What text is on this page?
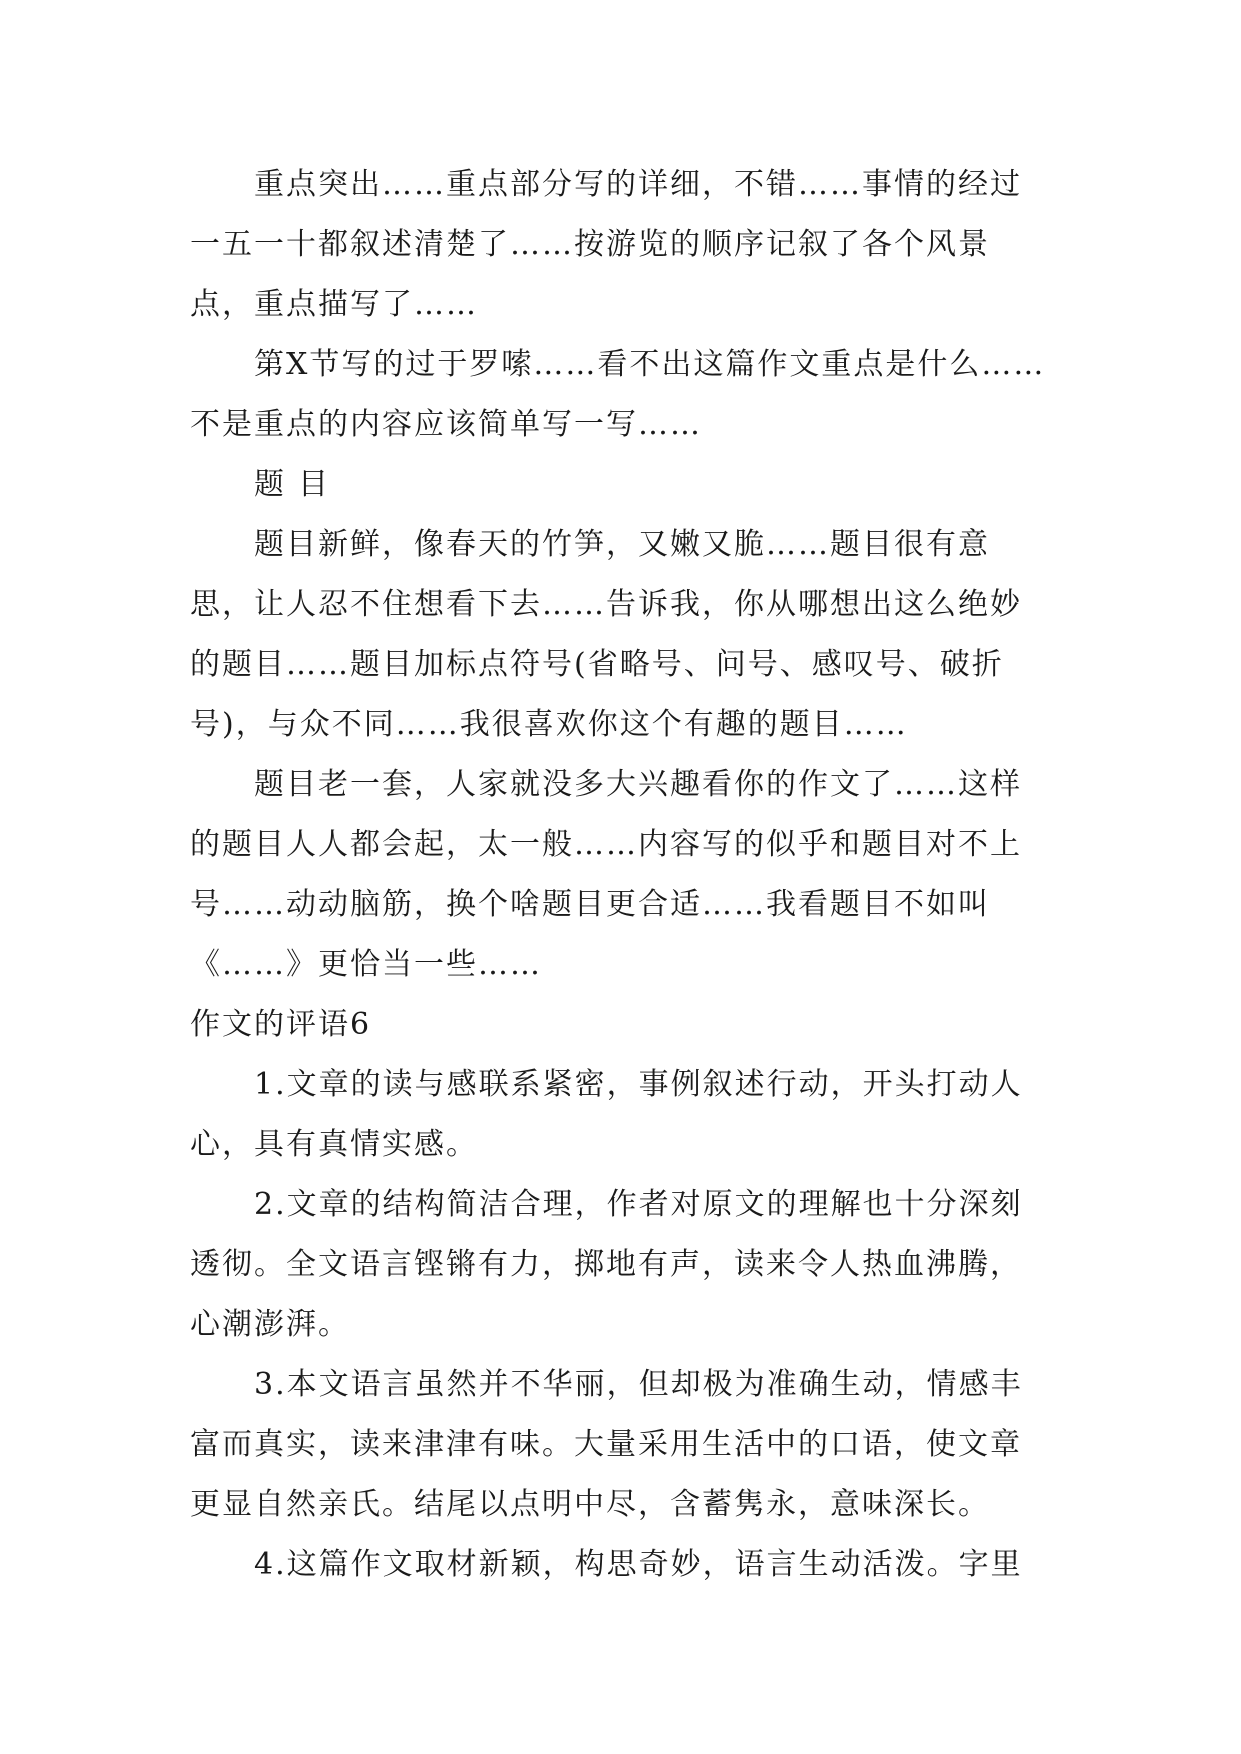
重点突出……重点部分写的详细，不错……事情的经过一五一十都叙述清楚了……按游览的顺序记叙了各个风景点，重点描写了……

第X节写的过于罗嗦……看不出这篇作文重点是什么……不是重点的内容应该简单写一写……

题目

题目新鲜，像春天的竹笋，又嫩又脆……题目很有意思，让人忍不住想看下去……告诉我，你从哪想出这么绝妙的题目……题目加标点符号(省略号、问号、感叹号、破折号)，与众不同……我很喜欢你这个有趣的题目……

题目老一套，人家就没多大兴趣看你的作文了……这样的题目人人都会起，太一般……内容写的似乎和题目对不上号……动动脑筋，换个啥题目更合适……我看题目不如叫《……》更恰当一些……

作文的评语6

1.文章的读与感联系紧密，事例叙述行动，开头打动人心，具有真情实感。

2.文章的结构简洁合理，作者对原文的理解也十分深刻透彻。全文语言铿锵有力，掷地有声，读来令人热血沸腾，心潮澎湃。

3.本文语言虽然并不华丽，但却极为准确生动，情感丰富而真实，读来津津有味。大量采用生活中的口语，使文章更显自然亲氏。结尾以点明中尽，含蓄隽永，意味深长。

4.这篇作文取材新颖，构思奇妙，语言生动活泼。字里
